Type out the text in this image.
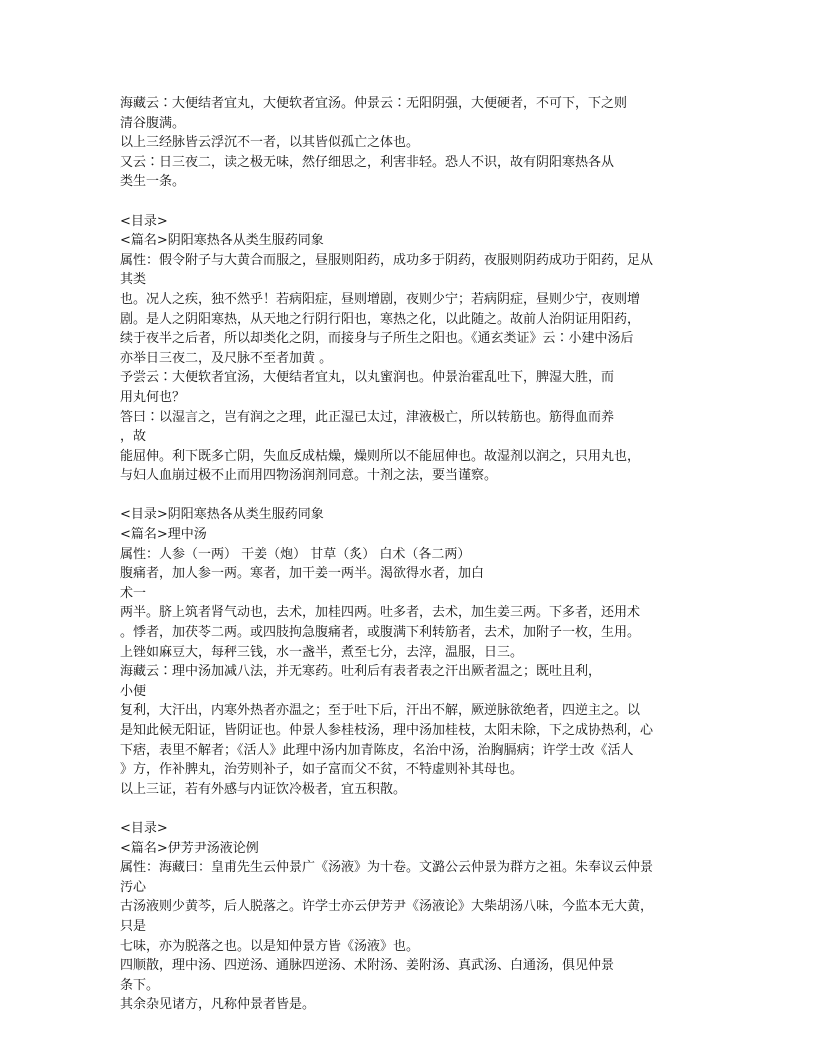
海藏云∶大便结者宜丸，大便软者宜汤。仲景云∶无阳阴强，大便硬者，不可下，下之则
清谷腹满。
以上三经脉皆云浮沉不一者，以其皆似孤亡之体也。
又云∶日三夜二，读之极无味，然仔细思之，利害非轻。恐人不识，故有阴阳寒热各从
类生一条。
<目录>
<篇名>阴阳寒热各从类生服药同象
属性：假令附子与大黄合而服之，昼服则阳药，成功多于阴药，夜服则阴药成功于阳药，足从
其类
也。况人之疾，独不然乎！若病阳症，昼则增剧，夜则少宁；若病阴症，昼则少宁，夜则增
剧。是人之阴阳寒热，从天地之行阴行阳也，寒热之化，以此随之。故前人治阴证用阳药，
续于夜半之后者，所以却类化之阴，而接身与子所生之阳也。《通玄类证》云∶小建中汤后
亦举日三夜二，及尺脉不至者加黄 。
予尝云∶大便软者宜汤，大便结者宜丸，以丸蜜润也。仲景治霍乱吐下，脾湿大胜，而
用丸何也？
答曰∶以湿言之，岂有润之之理，此正湿已太过，津液极亡，所以转筋也。筋得血而养
，故
能屈伸。利下既多亡阴，失血反成枯燥，燥则所以不能屈伸也。故湿剂以润之，只用丸也，
与妇人血崩过极不止而用四物汤润剂同意。十剂之法，要当谨察。
<目录>阴阳寒热各从类生服药同象
<篇名>理中汤
属性：人参（一两） 干姜（炮） 甘草（炙） 白术（各二两）
腹痛者，加人参一两。寒者，加干姜一两半。渴欲得水者，加白
术一
两半。脐上筑者肾气动也，去术，加桂四两。吐多者，去术，加生姜三两。下多者，还用术
。悸者，加茯苓二两。或四肢拘急腹痛者，或腹满下利转筋者，去术，加附子一枚，生用。
上锉如麻豆大，每秤三钱，水一盏半，煮至七分，去滓，温服，日三。
海藏云∶理中汤加减八法，并无寒药。吐利后有表者表之汗出厥者温之；既吐且利，
小便
复利，大汗出，内寒外热者亦温之；至于吐下后，汗出不解，厥逆脉欲绝者，四逆主之。以
是知此候无阳证，皆阴证也。仲景人参桂枝汤，理中汤加桂枝，太阳未除，下之成协热利，心
下痞，表里不解者；《活人》此理中汤内加青陈皮，名治中汤，治胸膈病；许学士改《活人
》方，作补脾丸，治劳则补子，如子富而父不贫，不特虚则补其母也。
以上三证，若有外感与内证饮冷极者，宜五积散。
<目录>
<篇名>伊芳尹汤液论例
属性：海藏曰：皇甫先生云仲景广《汤液》为十卷。文潞公云仲景为群方之祖。朱奉议云仲景
汚心
古汤液则少黄芩，后人脱落之。许学士亦云伊芳尹《汤液论》大柴胡汤八味，今监本无大黄，
只是
七味，亦为脱落之也。以是知仲景方皆《汤液》也。
四顺散，理中汤、四逆汤、通脉四逆汤、术附汤、姜附汤、真武汤、白通汤，俱见仲景
条下。
其余杂见诸方，凡称仲景者皆是。
